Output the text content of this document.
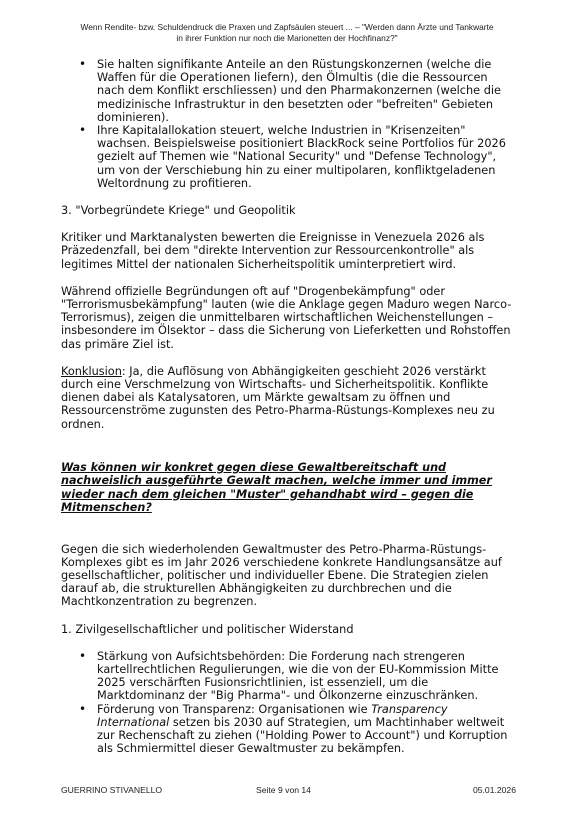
Wenn Rendite- bzw. Schuldendruck die Praxen und Zapfsäulen steuert ... – "Werden dann Ärzte und Tankwarte
in ihrer Funktion nur noch die Marionetten der Hochfinanz?"
• Sie halten signifikante Anteile an den Rüstungskonzernen (welche die Waffen für die Operationen liefern), den Ölmultis (die die Ressourcen nach dem Konflikt erschliessen) und den Pharmakonzernen (welche die medizinische Infrastruktur in den besetzten oder "befreiten" Gebieten dominieren).
• Ihre Kapitalallokation steuert, welche Industrien in "Krisenzeiten" wachsen. Beispielsweise positioniert BlackRock seine Portfolios für 2026 gezielt auf Themen wie "National Security" und "Defense Technology", um von der Verschiebung hin zu einer multipolaren, konfliktgeladenen Weltordnung zu profitieren.
3. "Vorbegründete Kriege" und Geopolitik
Kritiker und Marktanalysten bewerten die Ereignisse in Venezuela 2026 als Präzedenzfall, bei dem "direkte Intervention zur Ressourcenkontrolle" als legitimes Mittel der nationalen Sicherheitspolitik uminterpretiert wird.
Während offizielle Begründungen oft auf "Drogenbekämpfung" oder "Terrorismusbekämpfung" lauten (wie die Anklage gegen Maduro wegen Narco-Terrorismus), zeigen die unmittelbaren wirtschaftlichen Weichenstellungen – insbesondere im Ölsektor – dass die Sicherung von Lieferketten und Rohstoffen das primäre Ziel ist.
Konklusion: Ja, die Auflösung von Abhängigkeiten geschieht 2026 verstärkt durch eine Verschmelzung von Wirtschafts- und Sicherheitspolitik. Konflikte dienen dabei als Katalysatoren, um Märkte gewaltsam zu öffnen und Ressourcenströme zugunsten des Petro-Pharma-Rüstungs-Komplexes neu zu ordnen.
Was können wir konkret gegen diese Gewaltbereitschaft und nachweislich ausgeführte Gewalt machen, welche immer und immer wieder nach dem gleichen "Muster" gehandhabt wird – gegen die Mitmenschen?
Gegen die sich wiederholenden Gewaltmuster des Petro-Pharma-Rüstungs-Komplexes gibt es im Jahr 2026 verschiedene konkrete Handlungsansätze auf gesellschaftlicher, politischer und individueller Ebene. Die Strategien zielen darauf ab, die strukturellen Abhängigkeiten zu durchbrechen und die Machtkonzentration zu begrenzen.
1. Zivilgesellschaftlicher und politischer Widerstand
• Stärkung von Aufsichtsbehörden: Die Forderung nach strengeren kartellrechtlichen Regulierungen, wie die von der EU-Kommission Mitte 2025 verschärften Fusionsrichtlinien, ist essenziell, um die Marktdominanz der "Big Pharma"- und Ölkonzerne einzuschränken.
• Förderung von Transparenz: Organisationen wie Transparency International setzen bis 2030 auf Strategien, um Machtinhaber weltweit zur Rechenschaft zu ziehen ("Holding Power to Account") und Korruption als Schmiermittel dieser Gewaltmuster zu bekämpfen.
GUERRINO STIVANELLO	Seite 9 von 14	05.01.2026
